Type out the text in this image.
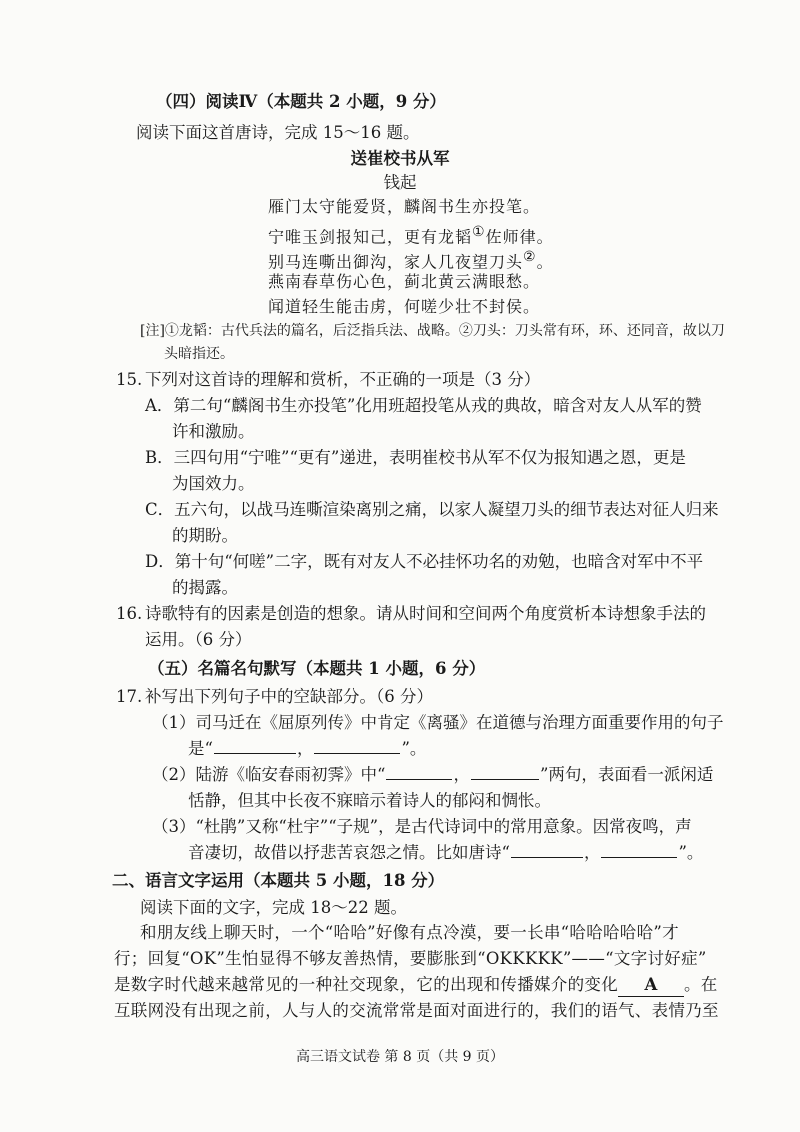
（四）阅读Ⅳ（本题共 2 小题，9 分）
阅读下面这首唐诗，完成 15～16 题。
送崔校书从军
钱起
雁门太守能爱贤，麟阁书生亦投笔。
宁唯玉剑报知己，更有龙韬①佐师律。
别马连嘶出御沟，家人几夜望刀头②。
燕南春草伤心色，蓟北黄云满眼愁。
闻道轻生能击虏，何嗟少壮不封侯。
[注]①龙韬：古代兵法的篇名，后泛指兵法、战略。②刀头：刀头常有环，环、还同音，故以刀
头暗指还。
15. 下列对这首诗的理解和赏析，不正确的一项是（3 分）
A．第二句“麟阁书生亦投笔”化用班超投笔从戎的典故，暗含对友人从军的赞
许和激励。
B．三四句用“宁唯”“更有”递进，表明崔校书从军不仅为报知遇之恩，更是
为国效力。
C．五六句，以战马连嘶渲染离别之痛，以家人凝望刀头的细节表达对征人归来
的期盼。
D．第十句“何嗟”二字，既有对友人不必挂怀功名的劝勉，也暗含对军中不平
的揭露。
16. 诗歌特有的因素是创造的想象。请从时间和空间两个角度赏析本诗想象手法的
运用。（6 分）
（五）名篇名句默写（本题共 1 小题，6 分）
17. 补写出下列句子中的空缺部分。（6 分）
（1）司马迁在《屈原列传》中肯定《离骚》在道德与治理方面重要作用的句子
是“	，	”。
（2）陆游《临安春雨初霁》中“	，	”两句，表面看一派闲适
恬静，但其中长夜不寐暗示着诗人的郁闷和惆怅。
（3）“杜鹃”又称“杜宇”“子规”，是古代诗词中的常用意象。因常夜鸣，声
音凄切，故借以抒悲苦哀怨之情。比如唐诗“	，	”。
二、语言文字运用（本题共 5 小题，18 分）
阅读下面的文字，完成 18～22 题。
和朋友线上聊天时，一个“哈哈”好像有点冷漠，要一长串“哈哈哈哈哈”才
行；回复“OK”生怕显得不够友善热情，要膨胀到“OKKKKK”——“文字讨好症”
是数字时代越来越常见的一种社交现象，它的出现和传播媒介的变化 A 。在
互联网没有出现之前，人与人的交流常常是面对面进行的，我们的语气、表情乃至
高三语文试卷 第 8 页（共 9 页）
